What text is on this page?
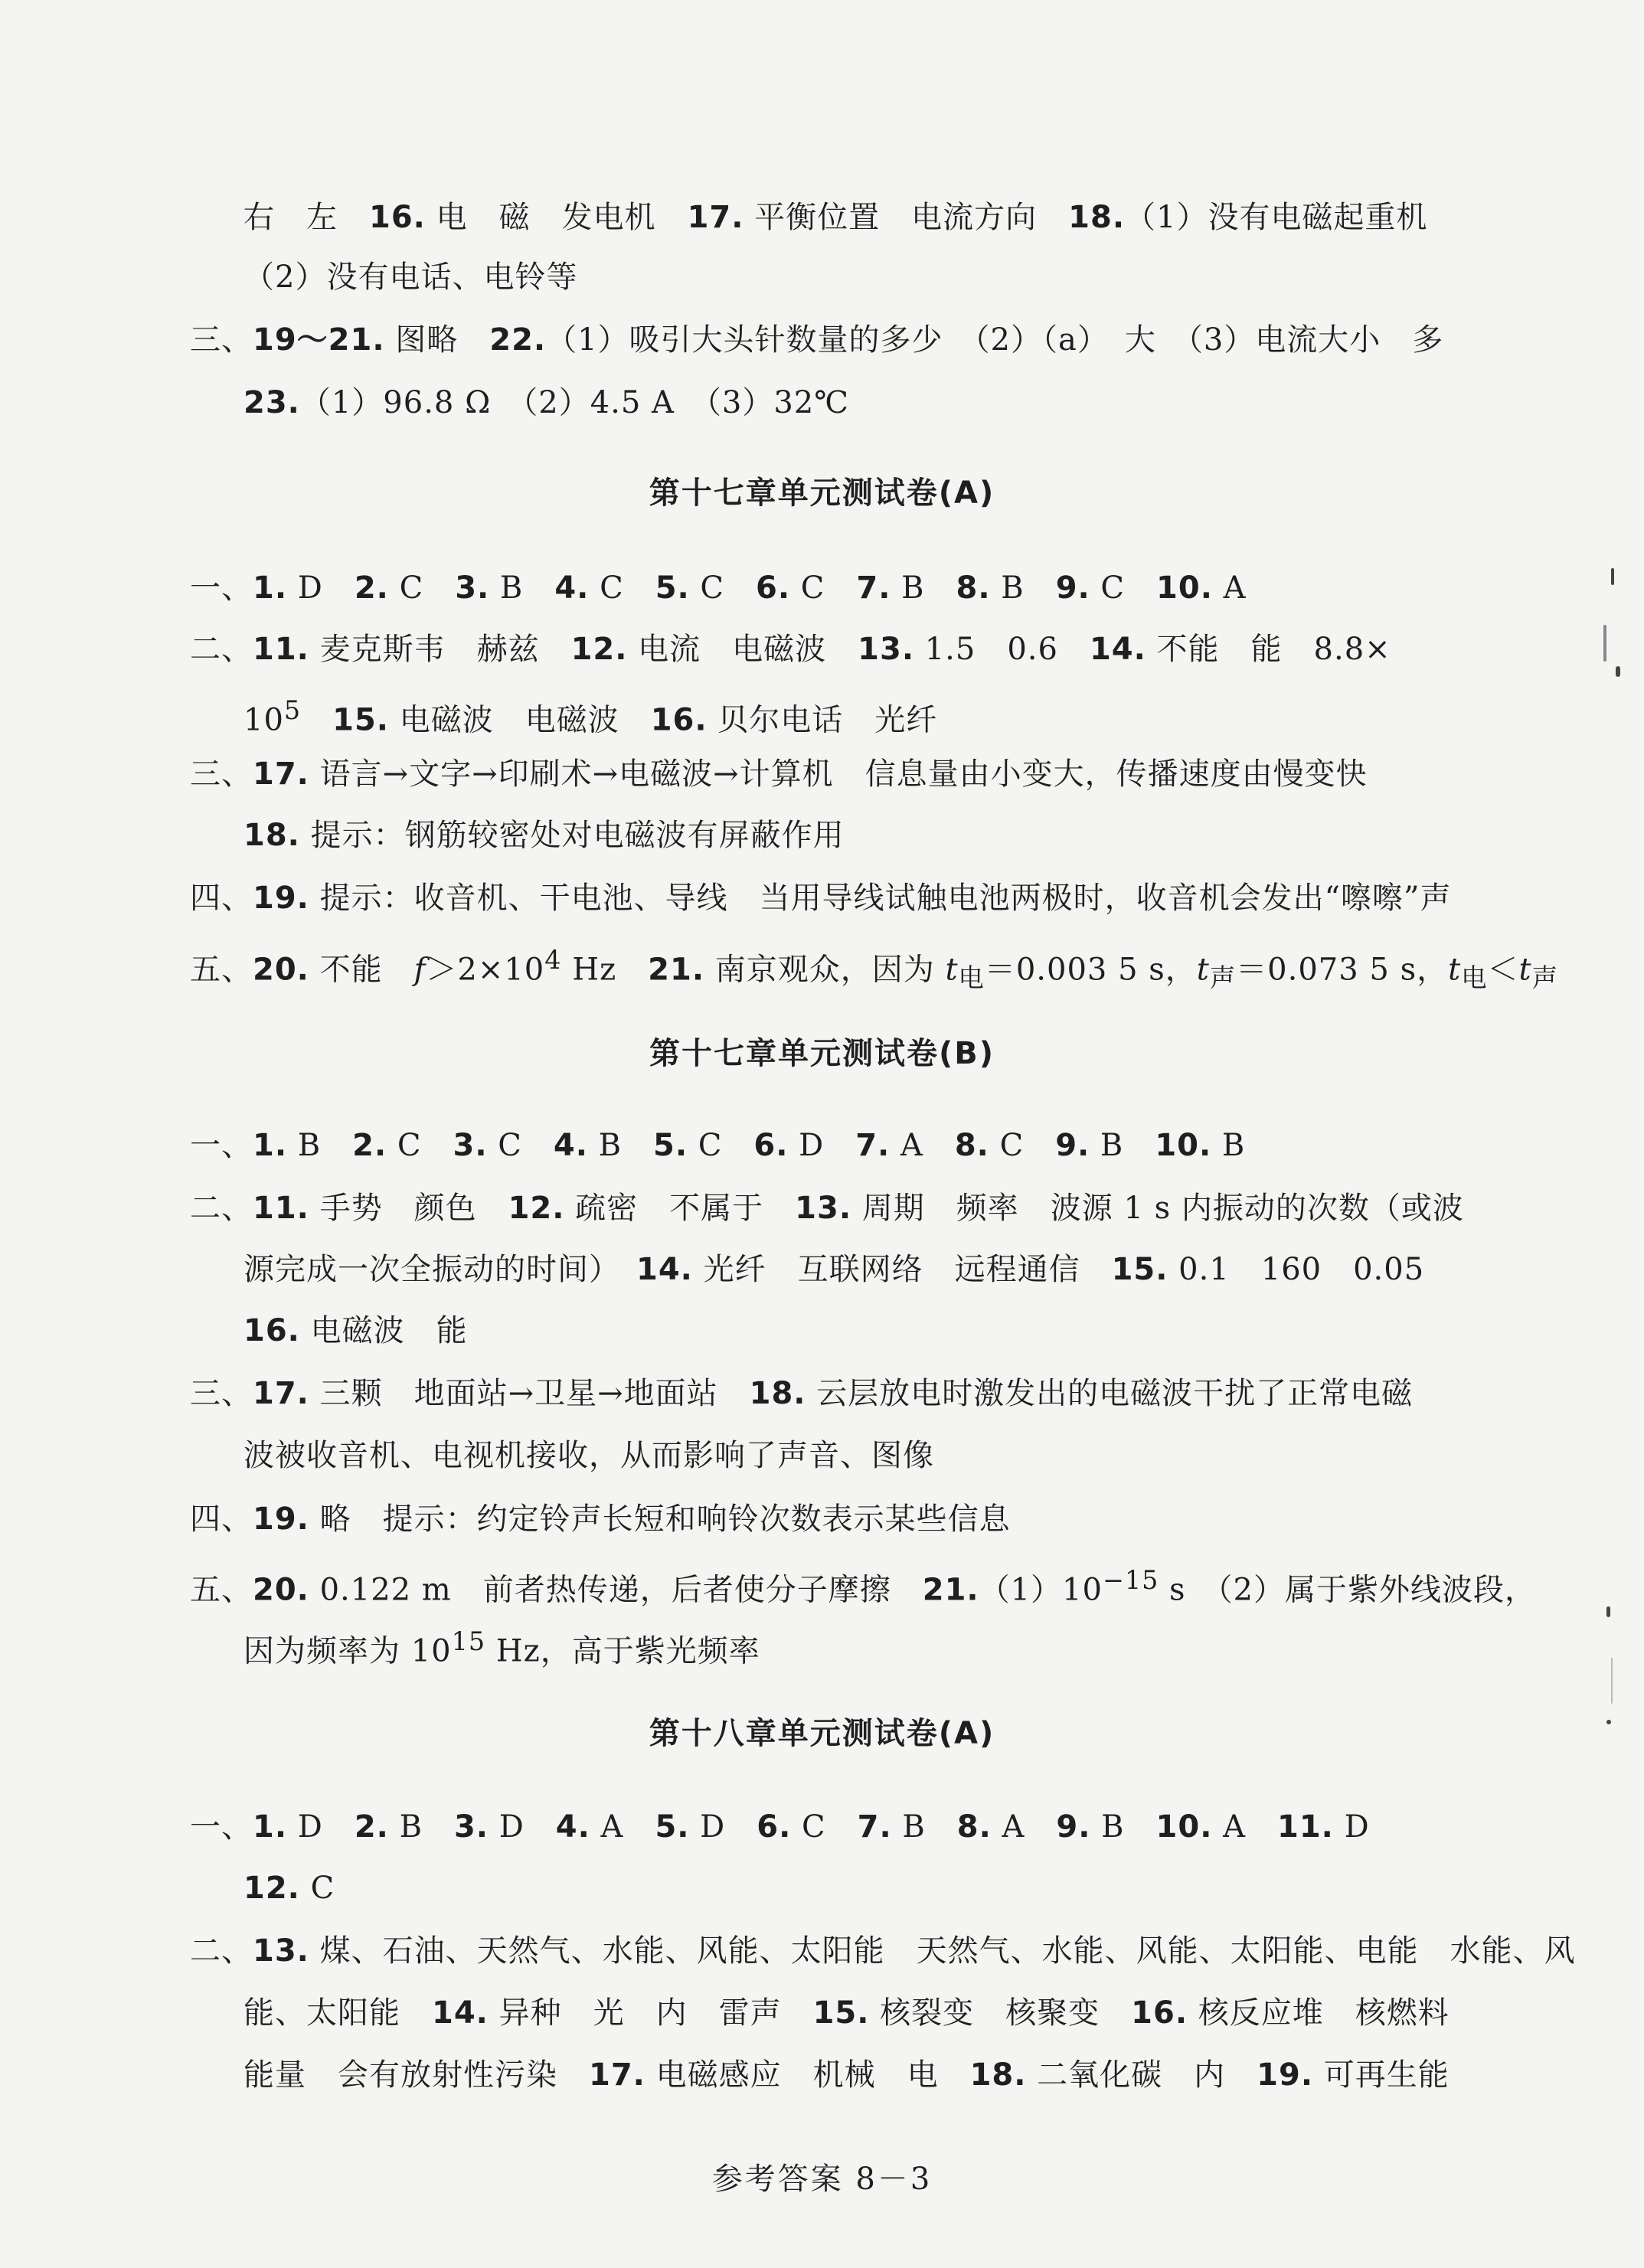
右　左　16. 电　磁　发电机　17. 平衡位置　电流方向　18.（1）没有电磁起重机
（2）没有电话、电铃等
三、19～21. 图略　22.（1）吸引大头针数量的多少　（2）（a）　大　（3）电流大小　多
23.（1）96.8 Ω　（2）4.5 A　（3）32℃
第十七章单元测试卷(A)
一、1. D　2. C　3. B　4. C　5. C　6. C　7. B　8. B　9. C　10. A
二、11. 麦克斯韦　赫兹　12. 电流　电磁波　13. 1.5　0.6　14. 不能　能　8.8×
$10^5$　 15. 电磁波　电磁波　16. 贝尔电话　光纤
三、17. 语言→文字→印刷术→电磁波→计算机　信息量由小变大，传播速度由慢变快
18. 提示：钢筋较密处对电磁波有屏蔽作用
四、19. 提示：收音机、干电池、导线　当用导线试触电池两极时，收音机会发出“嚓嚓”声
五、20. 不能　$f>2\times 10^4$ Hz　21. 南京观众，因为 $t_电=0.003$ 5 s，$t_声=0.073$ 5 s，$t_电<t_声$
第十七章单元测试卷(B)
一、1. B　2. C　3. C　4. B　5. C　6. D　7. A　8. C　9. B　10. B
二、11. 手势　颜色　12. 疏密　不属于　13. 周期　频率　波源 1 s 内振动的次数（或波
源完成一次全振动的时间）　14. 光纤　互联网络　远程通信　15. 0.1　160　0.05
16. 电磁波　能
三、17. 三颗　地面站→卫星→地面站　18. 云层放电时激发出的电磁波干扰了正常电磁
波被收音机、电视机接收，从而影响了声音、图像
四、19. 略　提示：约定铃声长短和响铃次数表示某些信息
五、20. 0.122 m　前者热传递，后者使分子摩擦　$21.(1)10^{-15}$ s　（2）属于紫外线波段，
因为频率为 $10^{15}$ Hz，高于紫光频率
第十八章单元测试卷(A)
一、1. D　2. B　3. D　4. A　5. D　6. C　7. B　8. A　9. B　10. A　11. D
12. C
二、13. 煤、石油、天然气、水能、风能、太阳能　天然气、水能、风能、太阳能、电能　水能、风
能、太阳能　14. 异种　光　内　雷声　15. 核裂变　核聚变　16. 核反应堆　核燃料
能量　会有放射性污染　17. 电磁感应　机械　电　18. 二氧化碳　内　19. 可再生能
参考答案 8－3
